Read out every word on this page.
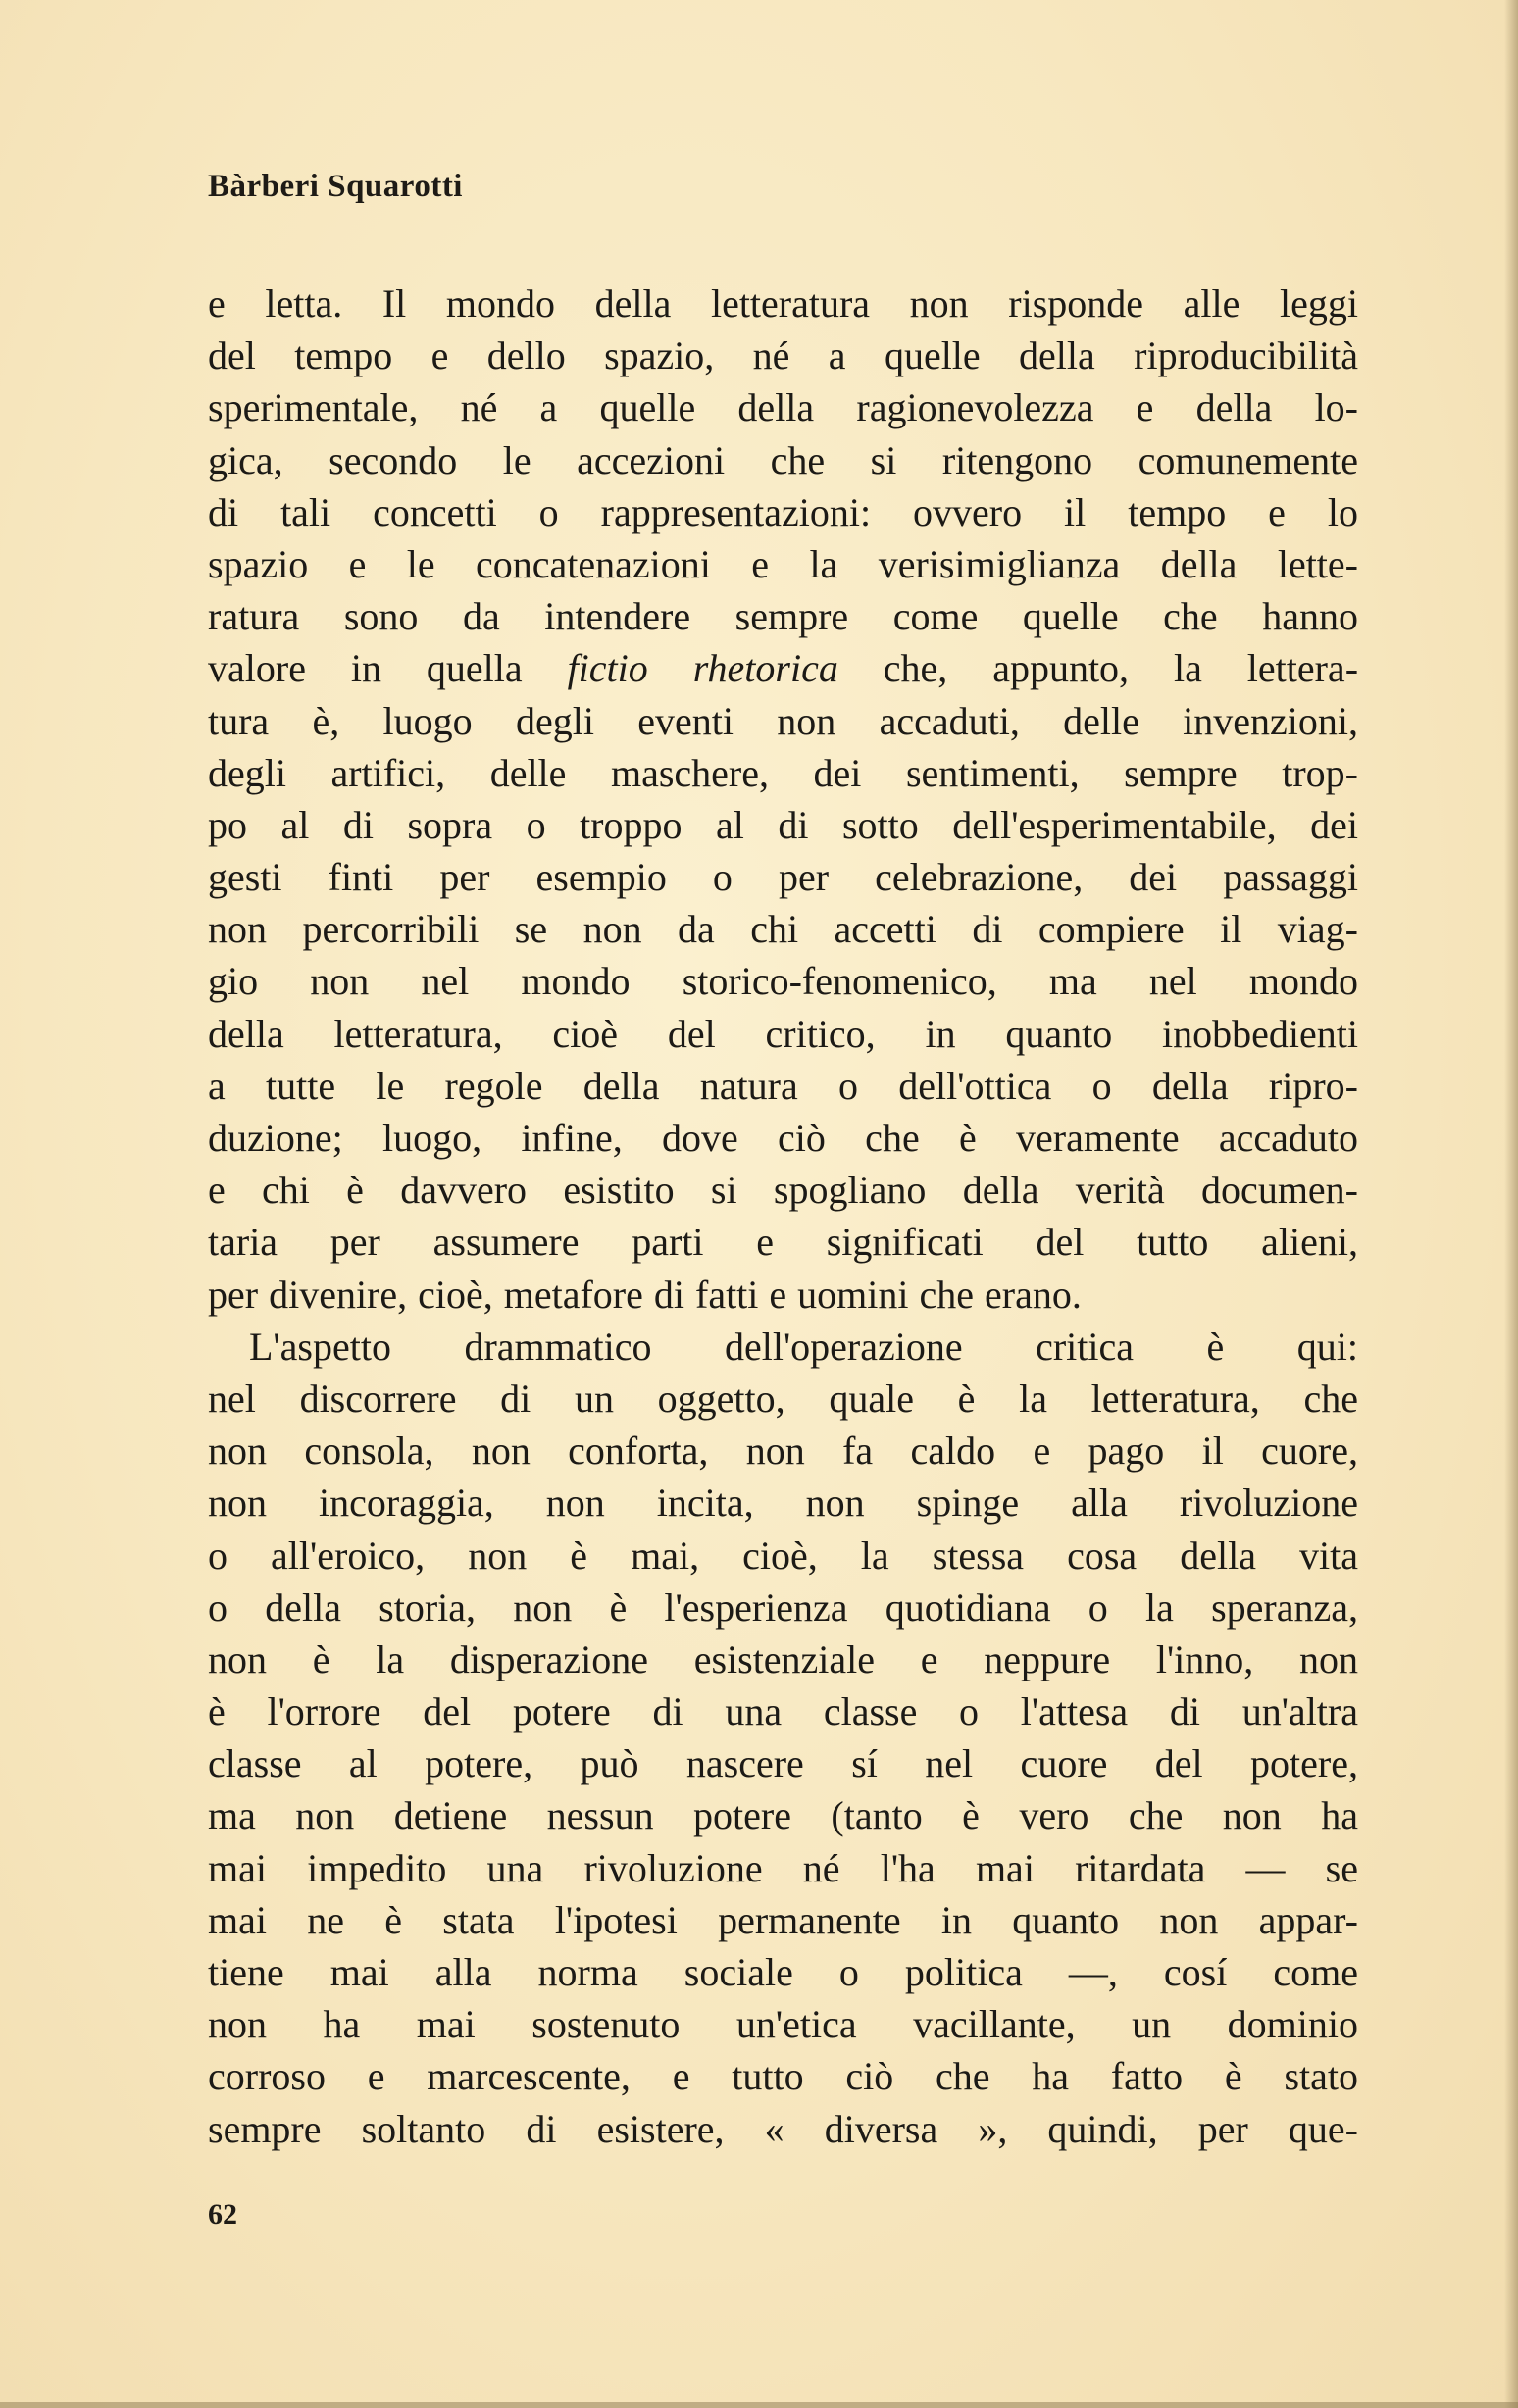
Bàrberi Squarotti
e letta. Il mondo della letteratura non risponde alle leggi
del tempo e dello spazio, né a quelle della riproducibilità
sperimentale, né a quelle della ragionevolezza e della lo-
gica, secondo le accezioni che si ritengono comunemente
di tali concetti o rappresentazioni: ovvero il tempo e lo
spazio e le concatenazioni e la verisimiglianza della lette-
ratura sono da intendere sempre come quelle che hanno
valore in quella fictio rhetorica che, appunto, la lettera-
tura è, luogo degli eventi non accaduti, delle invenzioni,
degli artifici, delle maschere, dei sentimenti, sempre trop-
po al di sopra o troppo al di sotto dell'esperimentabile, dei
gesti finti per esempio o per celebrazione, dei passaggi
non percorribili se non da chi accetti di compiere il viag-
gio non nel mondo storico-fenomenico, ma nel mondo
della letteratura, cioè del critico, in quanto inobbedienti
a tutte le regole della natura o dell'ottica o della ripro-
duzione; luogo, infine, dove ciò che è veramente accaduto
e chi è davvero esistito si spogliano della verità documen-
taria per assumere parti e significati del tutto alieni,
per divenire, cioè, metafore di fatti e uomini che erano.
L'aspetto drammatico dell'operazione critica è qui:
nel discorrere di un oggetto, quale è la letteratura, che
non consola, non conforta, non fa caldo e pago il cuore,
non incoraggia, non incita, non spinge alla rivoluzione
o all'eroico, non è mai, cioè, la stessa cosa della vita
o della storia, non è l'esperienza quotidiana o la speranza,
non è la disperazione esistenziale e neppure l'inno, non
è l'orrore del potere di una classe o l'attesa di un'altra
classe al potere, può nascere sí nel cuore del potere,
ma non detiene nessun potere (tanto è vero che non ha
mai impedito una rivoluzione né l'ha mai ritardata — se
mai ne è stata l'ipotesi permanente in quanto non appar-
tiene mai alla norma sociale o politica —, cosí come
non ha mai sostenuto un'etica vacillante, un dominio
corroso e marcescente, e tutto ciò che ha fatto è stato
sempre soltanto di esistere, « diversa », quindi, per que-
62
